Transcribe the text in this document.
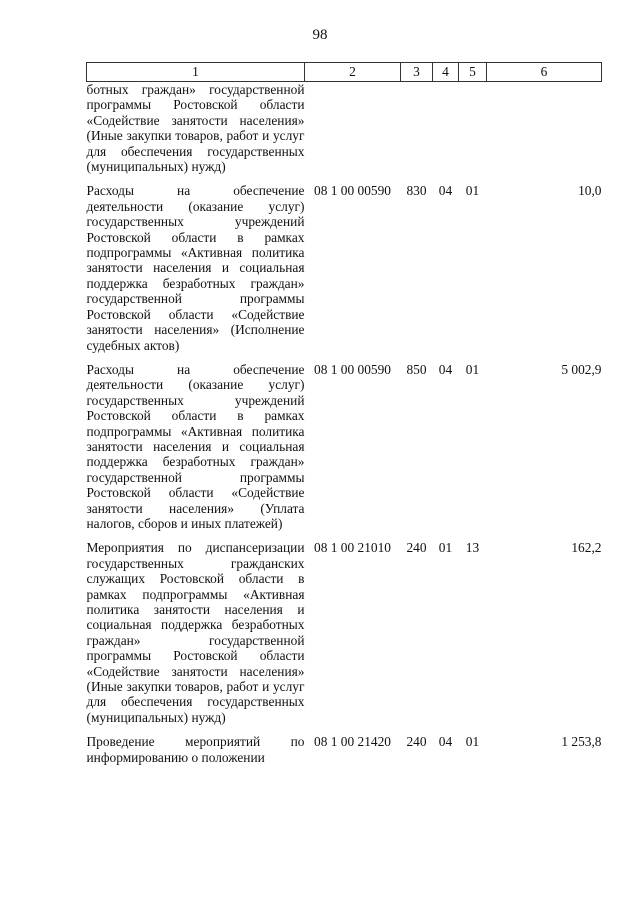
98
1	2	3	4	5	6
ботных граждан» государственной программы Ростовской области «Содействие занятости населения» (Иные закупки товаров, работ и услуг для обеспечения государственных (муниципальных) нужд)					

Расходы на обеспечение деятельности (оказание услуг) государственных учреждений Ростовской области в рамках подпрограммы «Активная политика занятости населения и социальная поддержка безработных граждан» государственной программы Ростовской области «Содействие занятости населения» (Исполнение судебных актов)	08 1 00 00590	830	04	01	10,0

Расходы на обеспечение деятельности (оказание услуг) государственных учреждений Ростовской области в рамках подпрограммы «Активная политика занятости населения и социальная поддержка безработных граждан» государственной программы Ростовской области «Содействие занятости населения» (Уплата налогов, сборов и иных платежей)	08 1 00 00590	850	04	01	5 002,9

Мероприятия по диспансеризации государственных гражданских служащих Ростовской области в рамках подпрограммы «Активная политика занятости населения и социальная поддержка безработных граждан» государственной программы Ростовской области «Содействие занятости населения» (Иные закупки товаров, работ и услуг для обеспечения государственных (муниципальных) нужд)	08 1 00 21010	240	01	13	162,2

Проведение мероприятий по информированию о положении	08 1 00 21420	240	04	01	1 253,8
